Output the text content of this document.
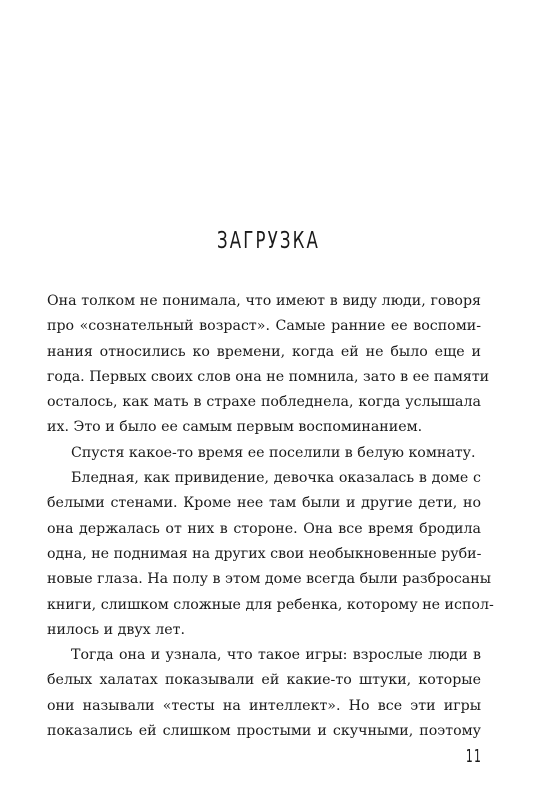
ЗАГРУЗКА
Она толком не понимала, что имеют в виду люди, говоря
про «сознательный возраст». Самые ранние ее воспоми-
нания относились ко времени, когда ей не было еще и
года. Первых своих слов она не помнила, зато в ее памяти
осталось, как мать в страхе побледнела, когда услышала
их. Это и было ее самым первым воспоминанием.
Спустя какое-то время ее поселили в белую комнату.
Бледная, как привидение, девочка оказалась в доме с
белыми стенами. Кроме нее там были и другие дети, но
она держалась от них в стороне. Она все время бродила
одна, не поднимая на других свои необыкновенные руби-
новые глаза. На полу в этом доме всегда были разбросаны
книги, слишком сложные для ребенка, которому не испол-
нилось и двух лет.
Тогда она и узнала, что такое игры: взрослые люди в
белых халатах показывали ей какие-то штуки, которые
они называли «тесты на интеллект». Но все эти игры
показались ей слишком простыми и скучными, поэтому
11
